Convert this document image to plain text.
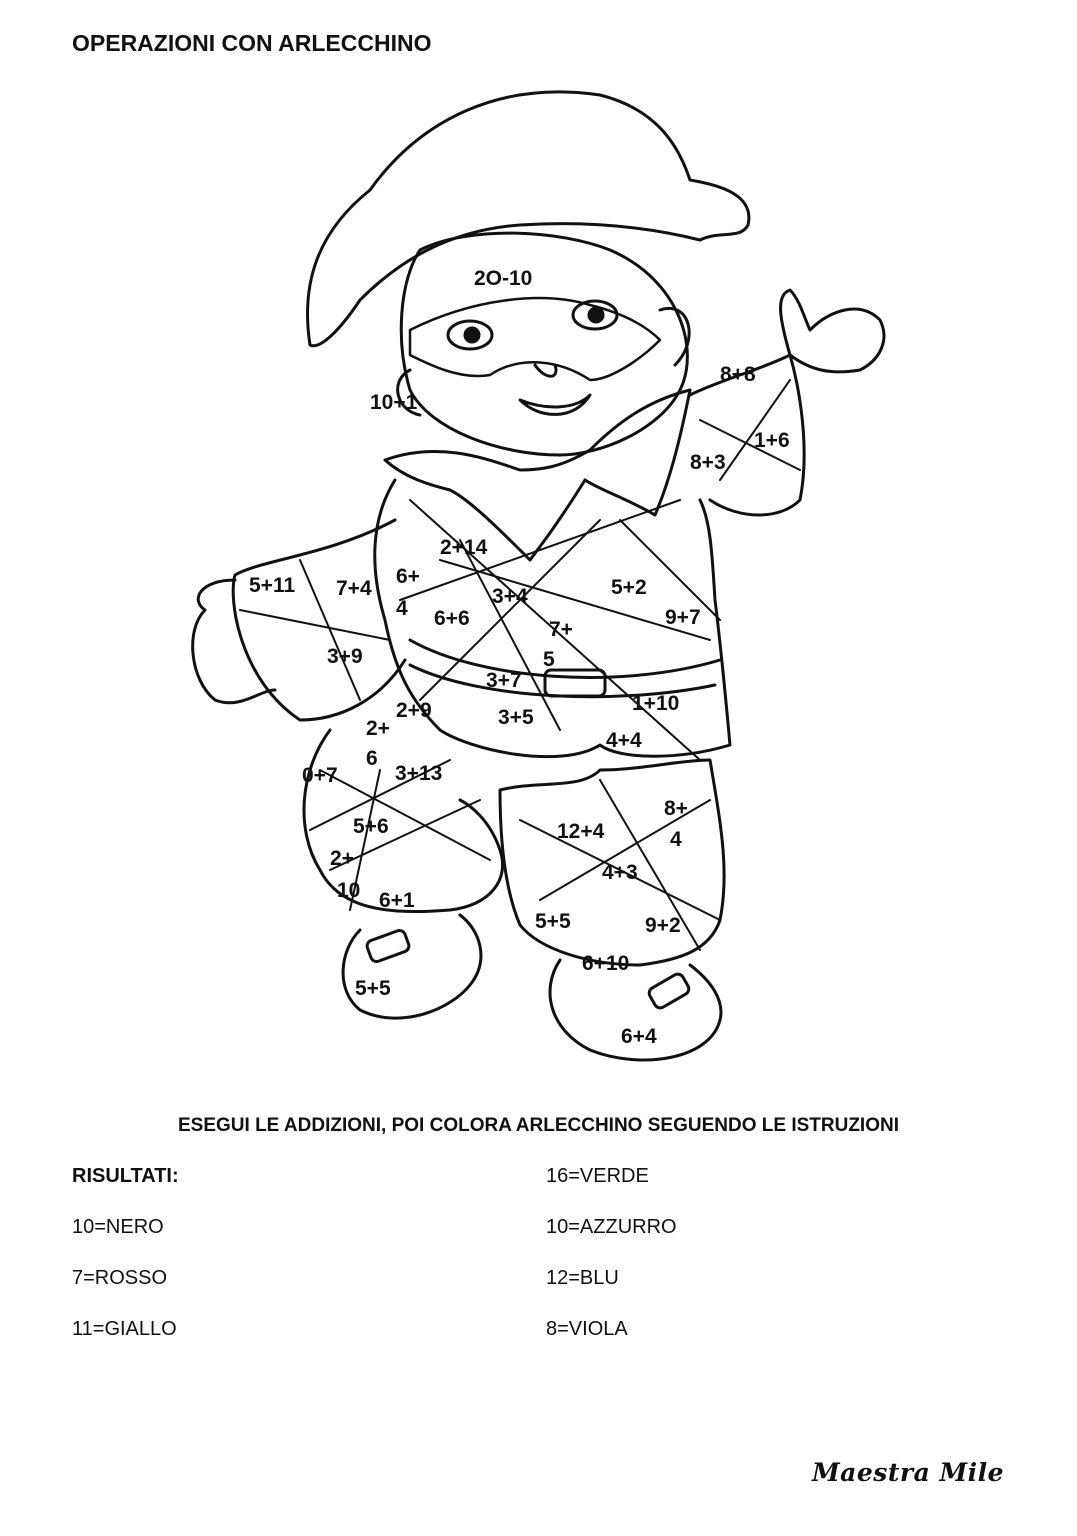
OPERAZIONI CON ARLECCHINO
2O-10
10+1
8+8
1+6
8+3
2+14
5+11 7+4
6+
4
3+4	5+2
6+6	9+7
7+
5
3+9
3+7
1+10
2+9
2+
6
3+5
4+4
0+7	3+13
8+
4
5+6	12+4
2+
10
4+3
6+1
5+5	9+2
6+10
5+5
6+4
ESEGUI LE ADDIZIONI, POI COLORA ARLECCHINO SEGUENDO LE ISTRUZIONI
RISULTATI:
10=NERO
7=ROSSO
11=GIALLO
16=VERDE
10=AZZURRO
12=BLU
8=VIOLA
Maestra Mile
